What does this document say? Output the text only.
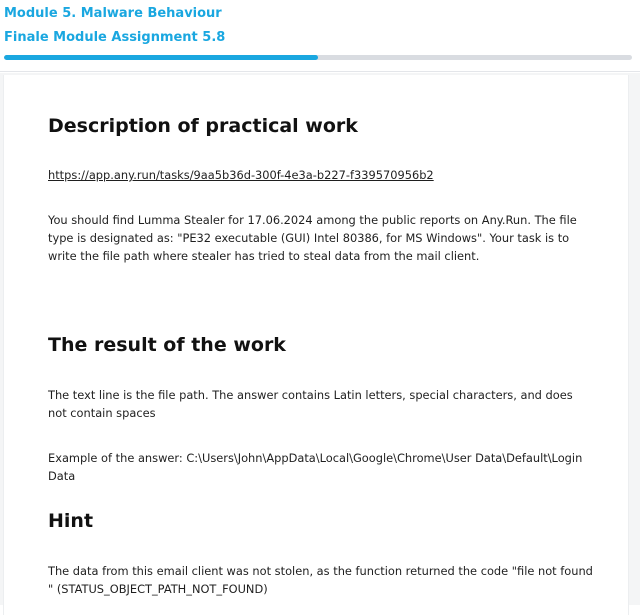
Module 5. Malware Behaviour
Finale Module Assignment 5.8
Description of practical work
https://app.any.run/tasks/9aa5b36d-300f-4e3a-b227-f339570956b2
You should find Lumma Stealer for 17.06.2024 among the public reports on Any.Run. The file type is designated as: "PE32 executable (GUI) Intel 80386, for MS Windows". Your task is to write the file path where stealer has tried to steal data from the mail client.
The result of the work
The text line is the file path. The answer contains Latin letters, special characters, and does not contain spaces
Example of the answer: C:\Users\John\AppData\Local\Google\Chrome\User Data\Default\Login Data
Hint
The data from this email client was not stolen, as the function returned the code "file not found " (STATUS_OBJECT_PATH_NOT_FOUND)
